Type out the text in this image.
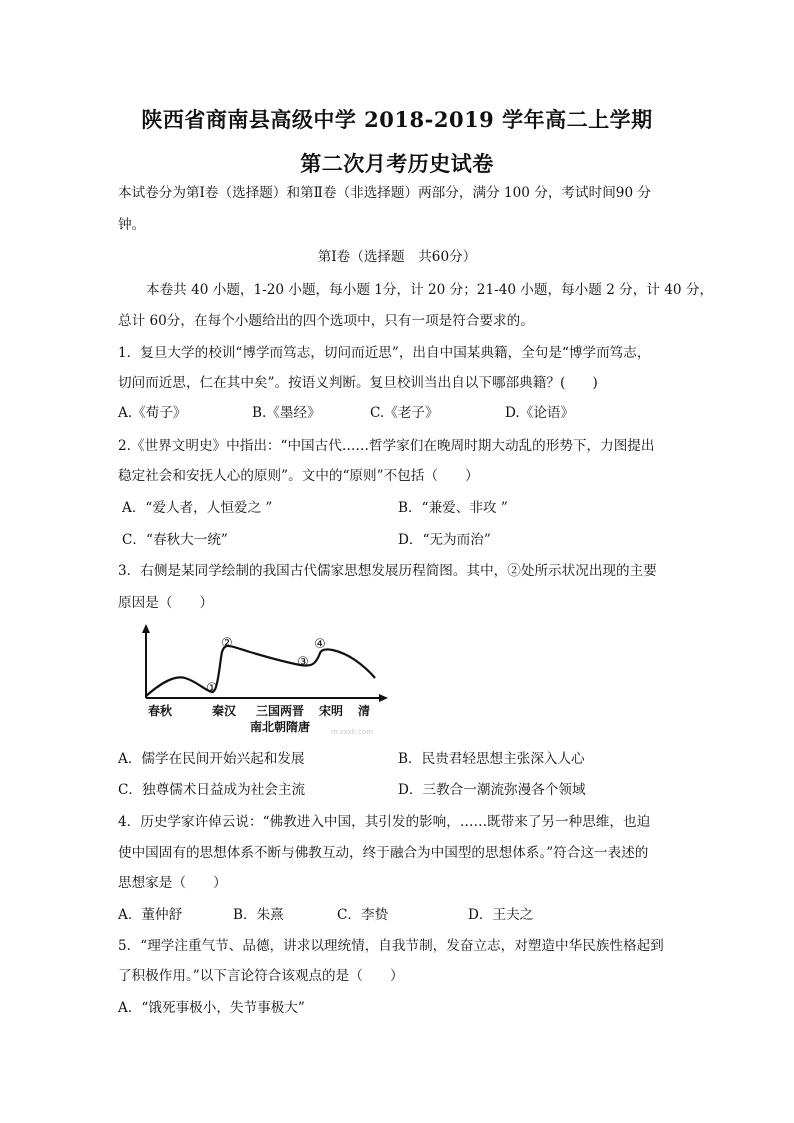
陕西省商南县高级中学 2018-2019 学年高二上学期
第二次月考历史试卷
本试卷分为第Ⅰ卷（选择题）和第Ⅱ卷（非选择题）两部分，满分 100 分，考试时间90 分
钟。
第Ⅰ卷（选择题　共60分）
本卷共 40 小题，1-20 小题，每小题 1分，计 20 分；21-40 小题，每小题 2 分，计 40 分，
总计 60分，在每个小题给出的四个选项中，只有一项是符合要求的。
1．复旦大学的校训“博学而笃志，切问而近思”，出自中国某典籍，全句是“博学而笃志，
切问而近思，仁在其中矣”。按语义判断。复旦校训当出自以下哪部典籍？(　　)
A.《荀子》	B.《墨经》	C.《老子》	D.《论语》
2.《世界文明史》中指出：“中国古代……哲学家们在晚周时期大动乱的形势下，力图提出
稳定社会和安抚人心的原则”。文中的“原则”不包括（　　）
A．“爱人者，人恒爱之 ”	B．“兼爱、非攻 ”
C．“春秋大一统”	D．“无为而治”
3．右侧是某同学绘制的我国古代儒家思想发展历程简图。其中，②处所示状况出现的主要
原因是（　　）
①
②
③
④
春秋	秦汉 三国两晋 宋明 清
南北朝隋唐	m.zxxk.com
A．儒学在民间开始兴起和发展	B．民贵君轻思想主张深入人心
C．独尊儒术日益成为社会主流	D．三教合一潮流弥漫各个领域
4．历史学家许倬云说：“佛教进入中国，其引发的影响，……既带来了另一种思维，也迫
使中国固有的思想体系不断与佛教互动，终于融合为中国型的思想体系。”符合这一表述的
思想家是（　　）
A．董仲舒	B．朱熹	C．李贽	D．王夫之
5．“理学注重气节、品德，讲求以理统情，自我节制，发奋立志，对塑造中华民族性格起到
了积极作用。”以下言论符合该观点的是（　　）
A．“饿死事极小，失节事极大”
